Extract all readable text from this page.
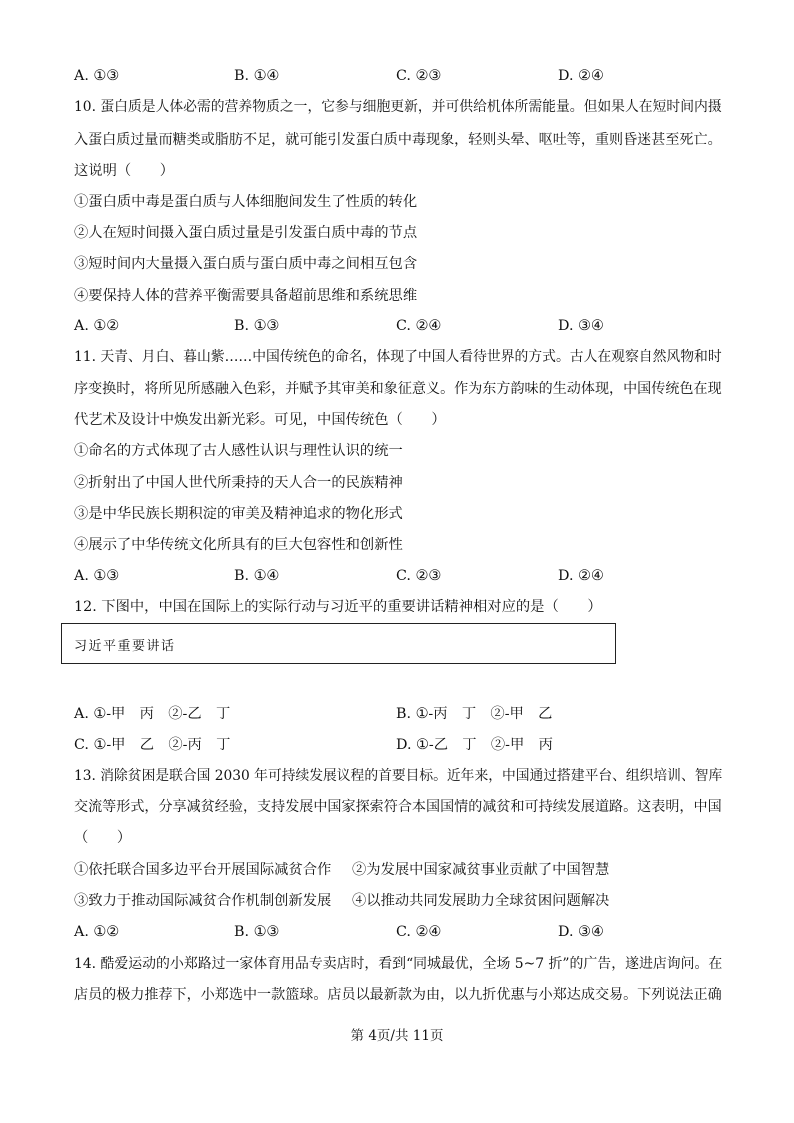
A. ①③	B. ①④	C. ②③	D. ②④
10. 蛋白质是人体必需的营养物质之一，它参与细胞更新，并可供给机体所需能量。但如果人在短时间内摄
入蛋白质过量而糖类或脂肪不足，就可能引发蛋白质中毒现象，轻则头晕、呕吐等，重则昏迷甚至死亡。
这说明（　　）
①蛋白质中毒是蛋白质与人体细胞间发生了性质的转化
②人在短时间摄入蛋白质过量是引发蛋白质中毒的节点
③短时间内大量摄入蛋白质与蛋白质中毒之间相互包含
④要保持人体的营养平衡需要具备超前思维和系统思维
A. ①②	B. ①③	C. ②④	D. ③④
11. 天青、月白、暮山紫……中国传统色的命名，体现了中国人看待世界的方式。古人在观察自然风物和时
序变换时，将所见所感融入色彩，并赋予其审美和象征意义。作为东方韵味的生动体现，中国传统色在现
代艺术及设计中焕发出新光彩。可见，中国传统色（　　）
①命名的方式体现了古人感性认识与理性认识的统一
②折射出了中国人世代所秉持的天人合一的民族精神
③是中华民族长期积淀的审美及精神追求的物化形式
④展示了中华传统文化所具有的巨大包容性和创新性
A. ①③	B. ①④	C. ②③	D. ②④
12. 下图中，中国在国际上的实际行动与习近平的重要讲话精神相对应的是（　　）
习近平重要讲话
A. ①-甲　丙　②-乙　丁	B. ①-丙　丁　②-甲　乙
C. ①-甲　乙　②-丙　丁	D. ①-乙　丁　②-甲　丙
13. 消除贫困是联合国 2030 年可持续发展议程的首要目标。近年来，中国通过搭建平台、组织培训、智库
交流等形式，分享减贫经验，支持发展中国家探索符合本国国情的减贫和可持续发展道路。这表明，中国
（　　）
①依托联合国多边平台开展国际减贫合作 ②为发展中国家减贫事业贡献了中国智慧
③致力于推动国际减贫合作机制创新发展 ④以推动共同发展助力全球贫困问题解决
A. ①②	B. ①③	C. ②④	D. ③④
14. 酷爱运动的小郑路过一家体育用品专卖店时，看到“同城最优，全场 5~7 折”的广告，遂进店询问。在
店员的极力推荐下，小郑选中一款篮球。店员以最新款为由，以九折优惠与小郑达成交易。下列说法正确
第 4页/共 11页
